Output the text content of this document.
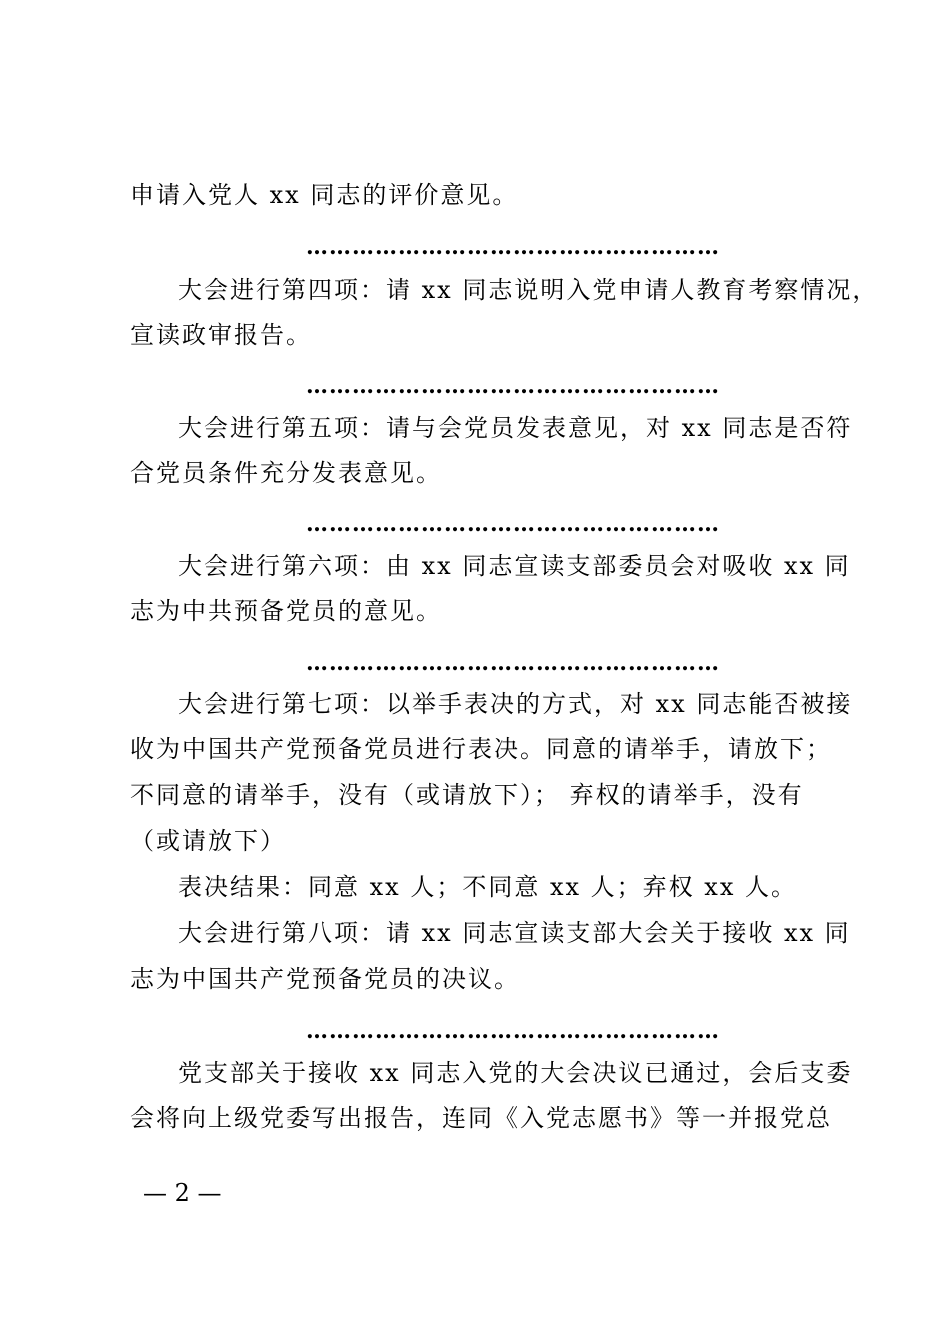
申请入党人 xx 同志的评价意见。
………………………………………………
大会进行第四项：请 xx 同志说明入党申请人教育考察情况，
宣读政审报告。
………………………………………………
大会进行第五项：请与会党员发表意见，对 xx 同志是否符
合党员条件充分发表意见。
………………………………………………
大会进行第六项：由 xx 同志宣读支部委员会对吸收 xx 同
志为中共预备党员的意见。
………………………………………………
大会进行第七项：以举手表决的方式，对 xx 同志能否被接
收为中国共产党预备党员进行表决。同意的请举手，请放下；
不同意的请举手，没有（或请放下）； 弃权的请举手，没有
（或请放下）
表决结果：同意 xx 人；不同意 xx 人；弃权 xx 人。
大会进行第八项：请 xx 同志宣读支部大会关于接收 xx 同
志为中国共产党预备党员的决议。
………………………………………………
党支部关于接收 xx 同志入党的大会决议已通过，会后支委
会将向上级党委写出报告，连同《入党志愿书》等一并报党总
— 2 —
